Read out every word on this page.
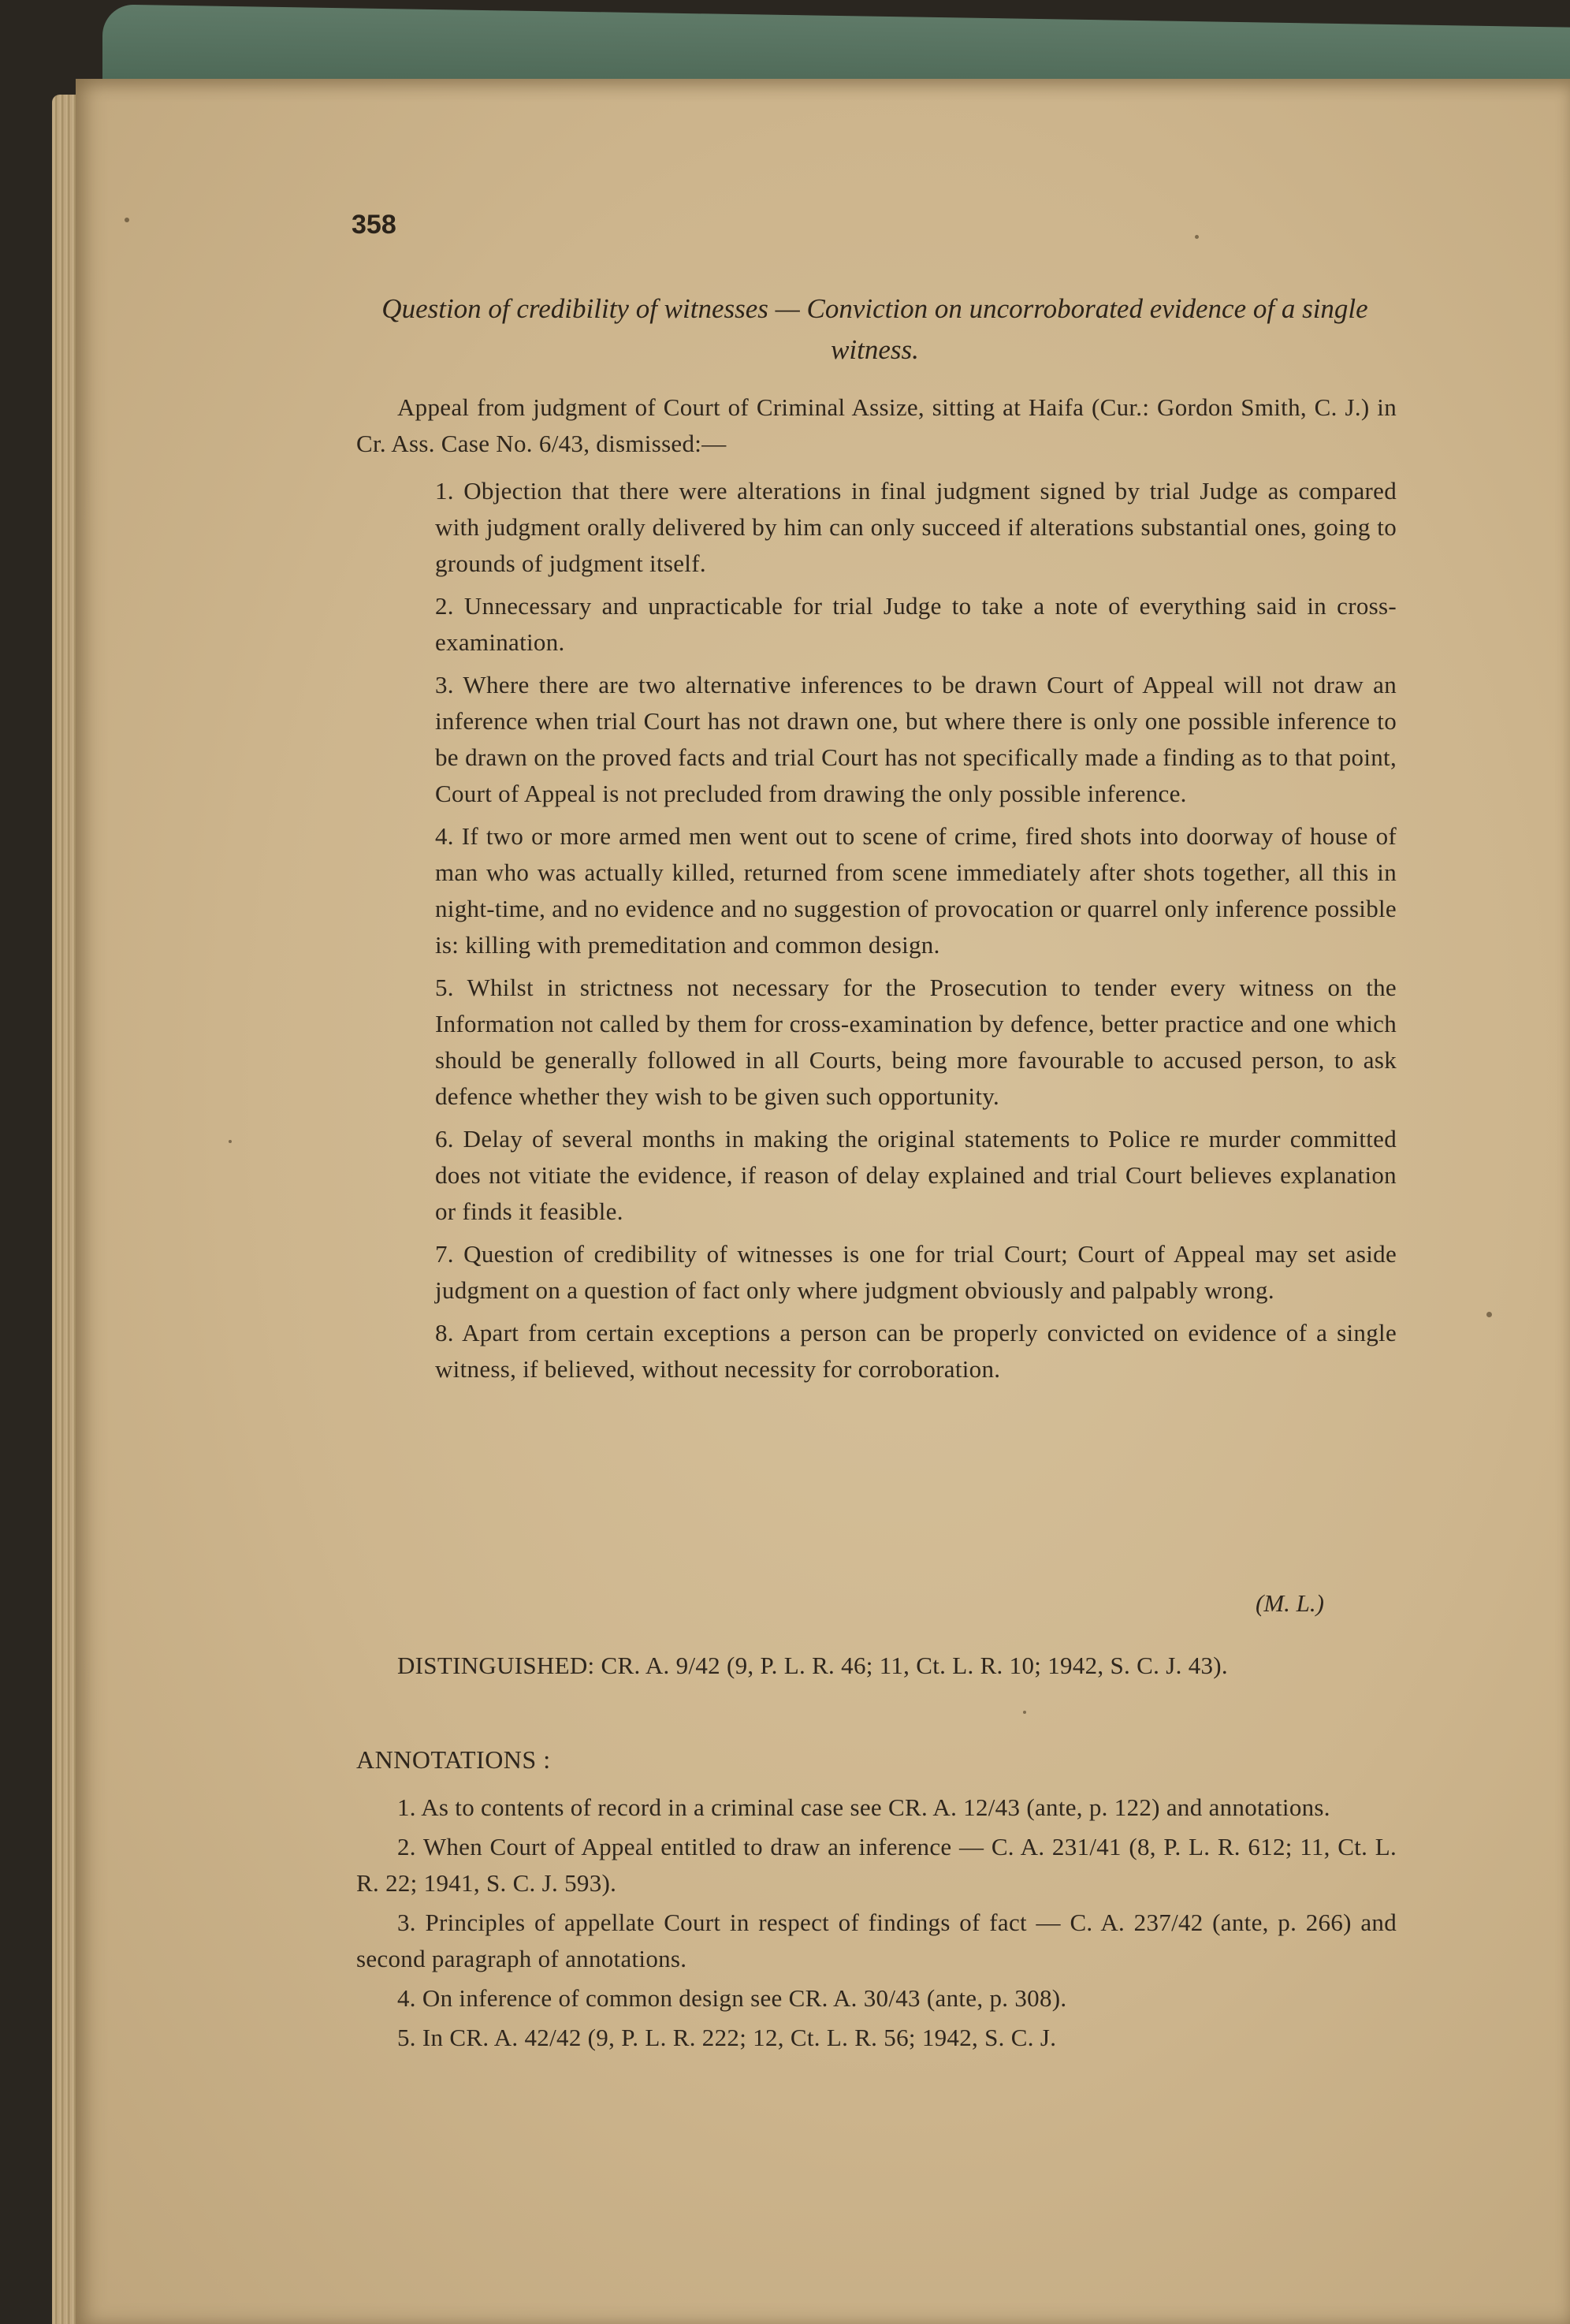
358
Question of credibility of witnesses — Conviction on uncorroborated evidence of a single witness.
Appeal from judgment of Court of Criminal Assize, sitting at Haifa (Cur.: Gordon Smith, C. J.) in Cr. Ass. Case No. 6/43, dismissed:—

1. Objection that there were alterations in final judgment signed by trial Judge as compared with judgment orally delivered by him can only succeed if alterations substantial ones, going to grounds of judgment itself.

2. Unnecessary and unpracticable for trial Judge to take a note of everything said in cross-examination.

3. Where there are two alternative inferences to be drawn Court of Appeal will not draw an inference when trial Court has not drawn one, but where there is only one possible inference to be drawn on the proved facts and trial Court has not specifically made a finding as to that point, Court of Appeal is not precluded from drawing the only possible inference.

4. If two or more armed men went out to scene of crime, fired shots into doorway of house of man who was actually killed, returned from scene immediately after shots together, all this in night-time, and no evidence and no suggestion of provocation or quarrel only inference possible is: killing with premeditation and common design.

5. Whilst in strictness not necessary for the Prosecution to tender every witness on the Information not called by them for cross-examination by defence, better practice and one which should be generally followed in all Courts, being more favourable to accused person, to ask defence whether they wish to be given such opportunity.

6. Delay of several months in making the original statements to Police re murder committed does not vitiate the evidence, if reason of delay explained and trial Court believes explanation or finds it feasible.

7. Question of credibility of witnesses is one for trial Court; Court of Appeal may set aside judgment on a question of fact only where judgment obviously and palpably wrong.

8. Apart from certain exceptions a person can be properly convicted on evidence of a single witness, if believed, without necessity for corroboration.

(M. L.)
DISTINGUISHED: CR. A. 9/42 (9, P. L. R. 46; 11, Ct. L. R. 10; 1942, S. C. J. 43).
ANNOTATIONS :

1. As to contents of record in a criminal case see CR. A. 12/43 (ante, p. 122) and annotations.

2. When Court of Appeal entitled to draw an inference — C. A. 231/41 (8, P. L. R. 612; 11, Ct. L. R. 22; 1941, S. C. J. 593).

3. Principles of appellate Court in respect of findings of fact — C. A. 237/42 (ante, p. 266) and second paragraph of annotations.

4. On inference of common design see CR. A. 30/43 (ante, p. 308).

5. In CR. A. 42/42 (9, P. L. R. 222; 12, Ct. L. R. 56; 1942, S. C. J.
